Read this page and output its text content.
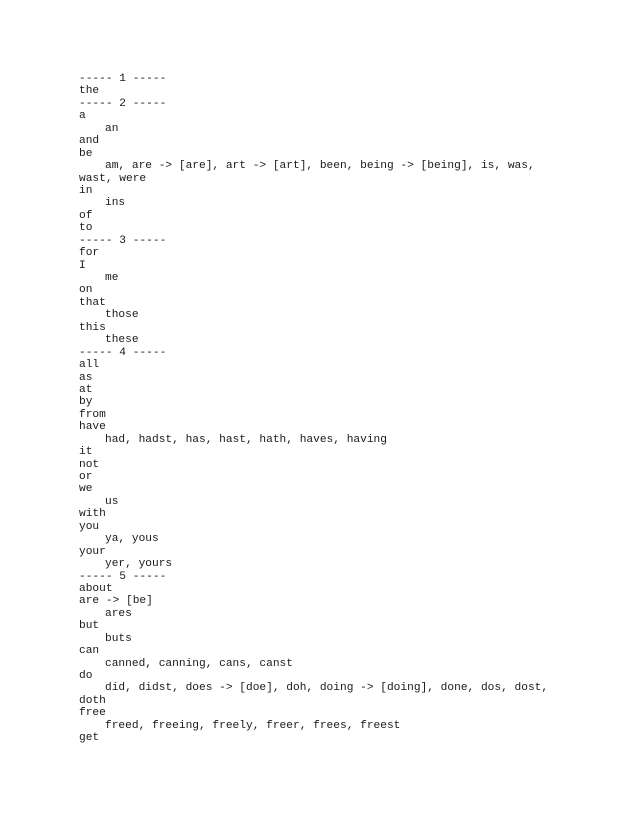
----- 1 -----
the
----- 2 -----
a
an
and
be
am, are -> [are], art -> [art], been, being -> [being], is, was,
wast, were
in
ins
of
to
----- 3 -----
for
I
me
on
that
those
this
these
----- 4 -----
all
as
at
by
from
have
had, hadst, has, hast, hath, haves, having
it
not
or
we
us
with
you
ya, yous
your
yer, yours
----- 5 -----
about
are -> [be]
ares
but
buts
can
canned, canning, cans, canst
do
did, didst, does -> [doe], doh, doing -> [doing], done, dos, dost,
doth
free
freed, freeing, freely, freer, frees, freest
get
